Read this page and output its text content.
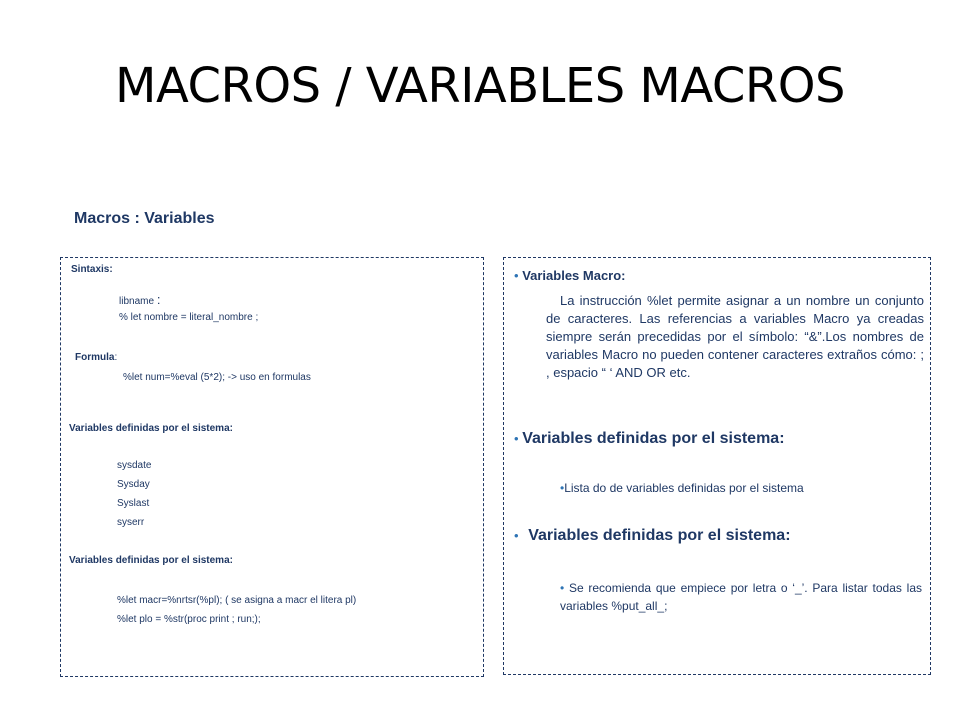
MACROS / VARIABLES MACROS
Macros : Variables
Sintaxis:
libname :
% let nombre = literal_nombre ;
Formula:
%let num=%eval (5*2); -> uso en formulas
Variables definidas por el sistema:
sysdate
Sysday
Syslast
syserr
Variables definidas por el sistema:
%let macr=%nrtsr(%pl); ( se asigna a macr el litera pl)
%let plo = %str(proc print ; run;);
• Variables Macro:
La instrucción %let permite asignar a un nombre un conjunto de caracteres. Las referencias a variables Macro ya creadas siempre serán precedidas por el símbolo: “&”.Los nombres de variables Macro no pueden contener caracteres extraños cómo: ; , espacio “ ‘ AND OR etc.
• Variables definidas por el sistema:
•Lista do de variables definidas por el sistema
• Variables definidas por el sistema:
• Se recomienda que empiece por letra o ‘_’. Para listar todas las variables %put_all_;
